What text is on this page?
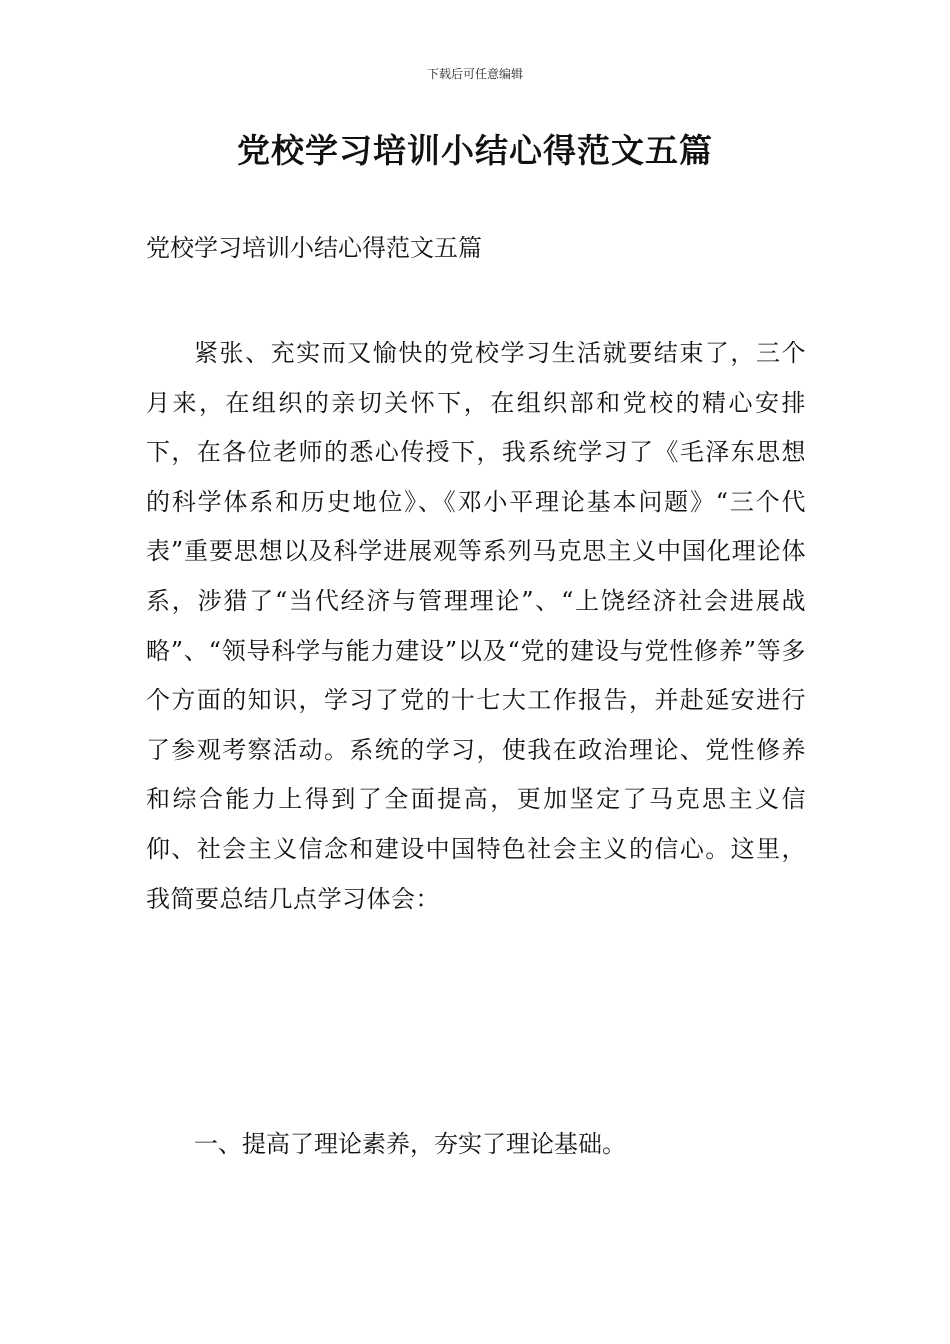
下载后可任意编辑
党校学习培训小结心得范文五篇

党校学习培训小结心得范文五篇

紧张、充实而又愉快的党校学习生活就要结束了，三个月来，在组织的亲切关怀下，在组织部和党校的精心安排下，在各位老师的悉心传授下，我系统学习了《毛泽东思想的科学体系和历史地位》、《邓小平理论基本问题》“三个代表”重要思想以及科学进展观等系列马克思主义中国化理论体系，涉猎了“当代经济与管理理论”、“上饶经济社会进展战略”、“领导科学与能力建设”以及“党的建设与党性修养”等多个方面的知识，学习了党的十七大工作报告，并赴延安进行了参观考察活动。系统的学习，使我在政治理论、党性修养和综合能力上得到了全面提高，更加坚定了马克思主义信仰、社会主义信念和建设中国特色社会主义的信心。这里，我简要总结几点学习体会：

一、提高了理论素养，夯实了理论基础。
